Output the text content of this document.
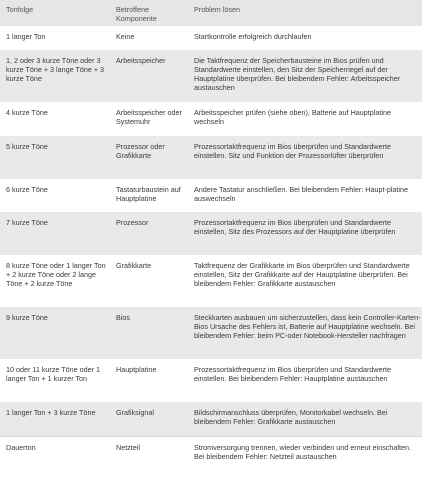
Tonfolge	Betroffene Komponente	Problem lösen
1 langer Ton	Keine	Startkontrolle erfolgreich durchlaufen
1, 2 oder 3 kurze Töne oder 3 kurze Töne + 3 lange Töne + 3 kurze Töne	Arbeitsspeicher	Die Taktfrequenz der Speicherbausteine im Bios prüfen und Standardwerte einstellen, den Sitz der Speicherriegel auf der Hauptplatine überprüfen. Bei bleibendem Fehler: Arbeitsspeicher austauschen
4 kurze Töne	Arbeitsspeicher oder Systemuhr	Arbeitsspeicher prüfen (siehe oben), Batterie auf Hauptplatine wechseln
5 kurze Töne	Prozessor oder Grafikkarte	Prozessortaktfrequenz im Bios überprüfen und Standardwerte einstellen. Sitz und Funktion der Prozessorlüfter überprüfen
6 kurze Töne	Tastaturbaustein auf Hauptplatine	Andere Tastatur anschließen. Bei bleibendem Fehler: Haupt-platine auswechseln
7 kurze Töne	Prozessor	Prozessortaktfrequenz im Bios überprüfen und Standardwerte einstellen, Sitz des Prozessors auf der Hauptplatine überprüfen
8 kurze Töne oder 1 langer Ton + 2 kurze Töne oder 2 lange Töne + 2 kurze Töne	Grafikkarte	Taktfrequenz der Grafikkarte im Bios überprüfen und Standardwerte einstellen, Sitz der Grafikkarte auf der Hauptplatine überprüfen. Bei bleibendem Fehler: Grafikkarte austauschen
9 kurze Töne	Bios	Steckkarten ausbauen um sicherzustellen, dass kein Controller-Karten-Bios Ursache des Fehlers ist, Batterie auf Hauptplatine wechseln. Bei bleibendem Fehler: beim PC-oder Notebook-Hersteller nachfragen
10 oder 11 kurze Töne oder 1 langer Ton + 1 kurzer Ton	Hauptplatine	Prozessortaktfrequenz im Bios überprüfen und Standardwerte einstellen. Bei bleibendem Fehler: Hauptplatine austauschen
1 langer Ton + 3 kurze Töne	Grafiksignal	Bildschirmanschluss überprüfen, Monitorkabel wechseln. Bei bleibendem Fehler: Grafikkarte austauschen
Dauerton	Netzteil	Stromversorgung trennen, wieder verbinden und erneut einschalten. Bei bleibendem Fehler: Netzteil austauschen
